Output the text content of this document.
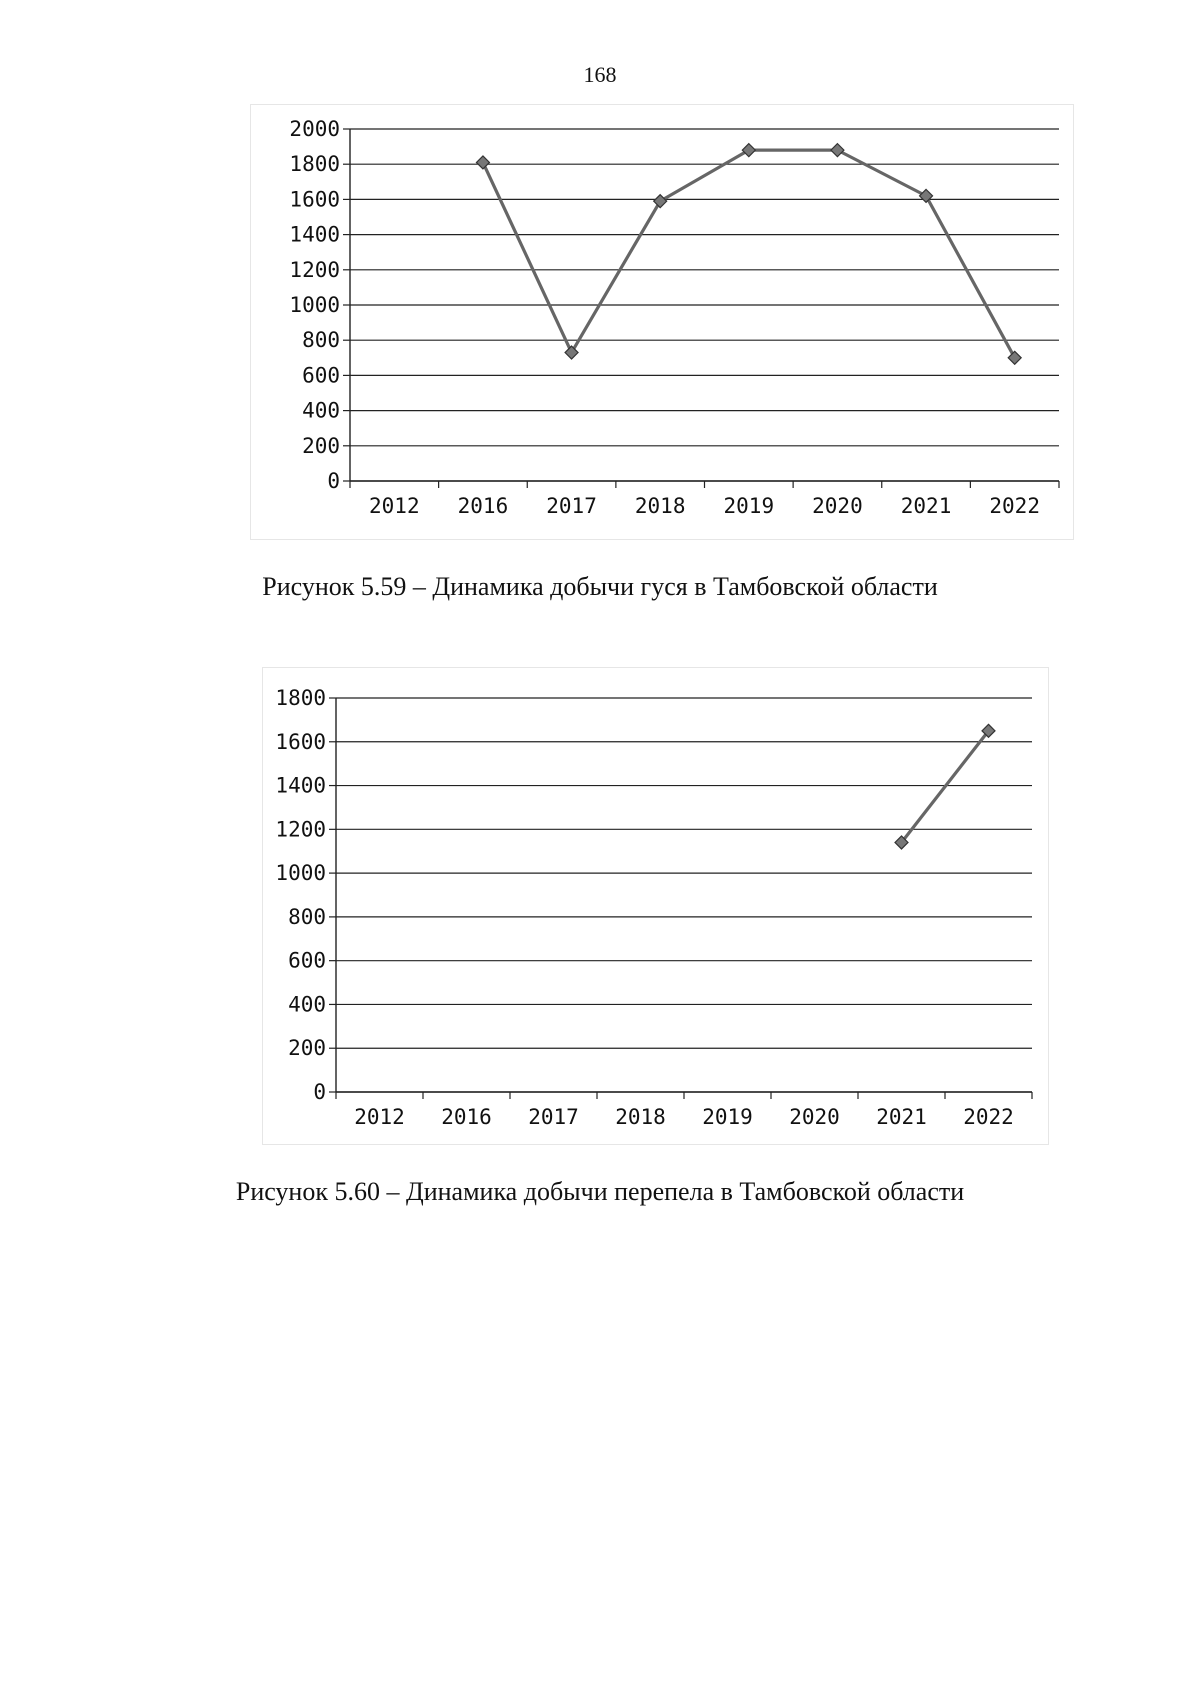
168
0
200
400
600
800
1000
1200
1400
1600
1800
2000
2012 2016 2017 2018 2019 2020 2021 2022
Рисунок 5.59 – Динамика добычи гуся в Тамбовской области
0
200
400
600
800
1000
1200
1400
1600
1800
2012 2016 2017 2018 2019 2020 2021 2022
Рисунок 5.60 – Динамика добычи перепела в Тамбовской области
